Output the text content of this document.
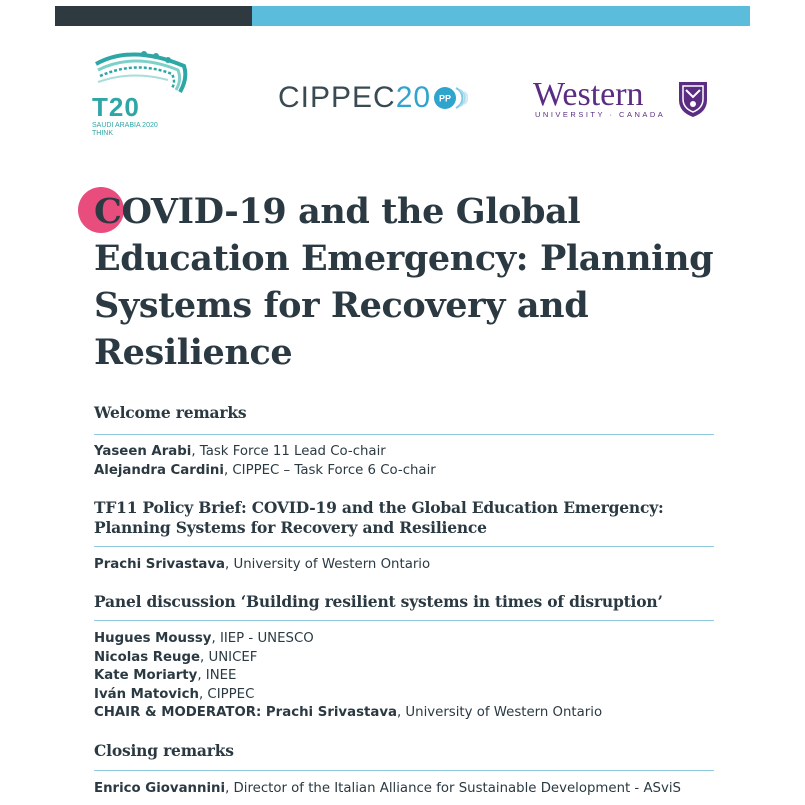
T20
SAUDI ARABIA 2020
THINK
CIPPEC20 PP Western
UNIVERSITY · CANADA
COVID-19 and the Global Education Emergency: Planning Systems for Recovery and Resilience
Welcome remarks
Yaseen Arabi, Task Force 11 Lead Co-chair
Alejandra Cardini, CIPPEC – Task Force 6 Co-chair
TF11 Policy Brief: COVID-19 and the Global Education Emergency: Planning Systems for Recovery and Resilience
Prachi Srivastava, University of Western Ontario
Panel discussion ‘Building resilient systems in times of disruption’
Hugues Moussy, IIEP - UNESCO
Nicolas Reuge, UNICEF
Kate Moriarty, INEE
Iván Matovich, CIPPEC
CHAIR & MODERATOR: Prachi Srivastava, University of Western Ontario
Closing remarks
Enrico Giovannini, Director of the Italian Alliance for Sustainable Development - ASviS
